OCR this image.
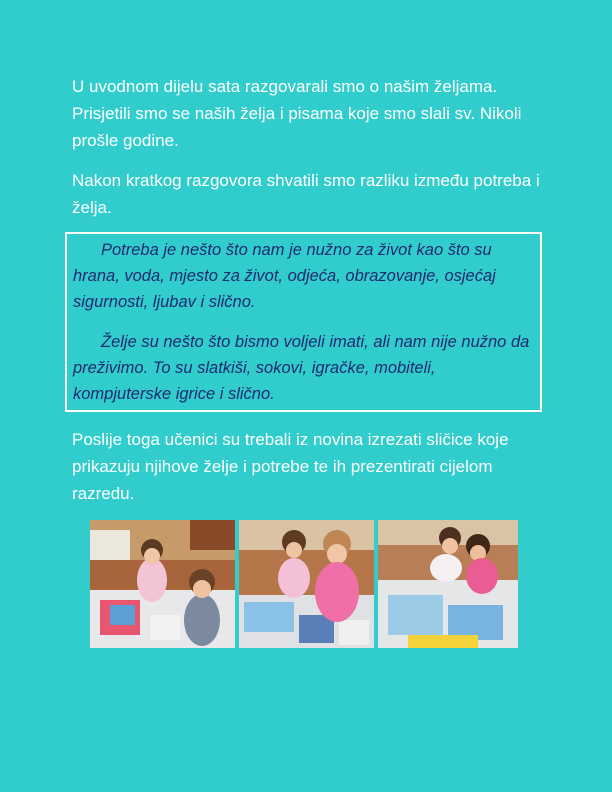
U uvodnom dijelu sata razgovarali smo o našim željama. Prisjetili smo se naših želja i pisama koje smo slali sv. Nikoli prošle godine.

Nakon kratkog razgovora shvatili smo razliku između potreba i želja.

Potreba je nešto što nam je nužno za život kao što su hrana, voda, mjesto za život, odjeća, obrazovanje, osjećaj sigurnosti, ljubav i slično.

Želje su nešto što bismo voljeli imati, ali nam nije nužno da preživimo. To su slatkiši, sokovi, igračke, mobiteli, kompjuterske igrice i slično.

Poslije toga učenici su trebali iz novina izrezati sličice koje prikazuju njihove želje i potrebe te ih prezentirati cijelom razredu.
